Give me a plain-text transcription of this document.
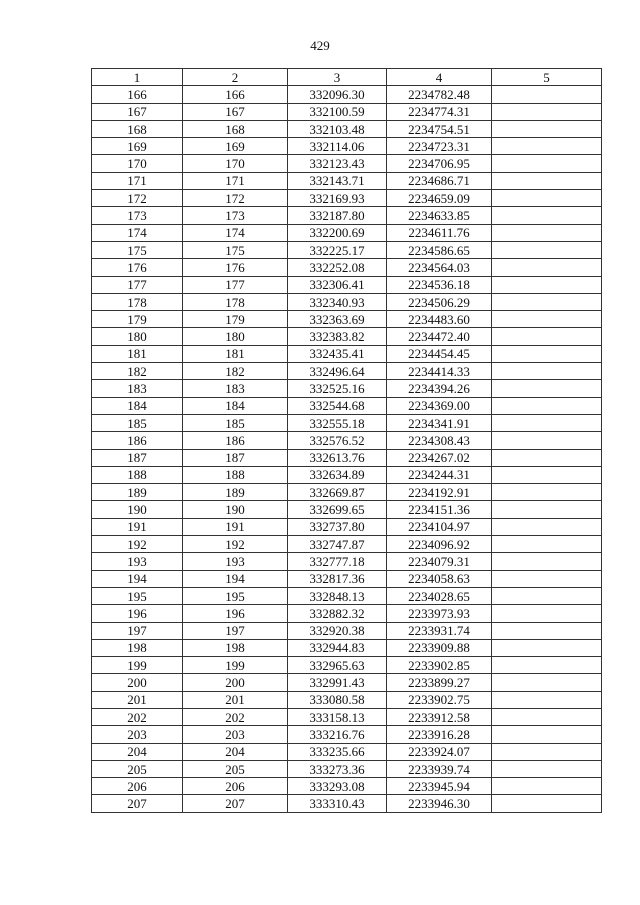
429
1	2	3	4	5
166	166	332096.30	2234782.48	
167	167	332100.59	2234774.31	
168	168	332103.48	2234754.51	
169	169	332114.06	2234723.31	
170	170	332123.43	2234706.95	
171	171	332143.71	2234686.71	
172	172	332169.93	2234659.09	
173	173	332187.80	2234633.85	
174	174	332200.69	2234611.76	
175	175	332225.17	2234586.65	
176	176	332252.08	2234564.03	
177	177	332306.41	2234536.18	
178	178	332340.93	2234506.29	
179	179	332363.69	2234483.60	
180	180	332383.82	2234472.40	
181	181	332435.41	2234454.45	
182	182	332496.64	2234414.33	
183	183	332525.16	2234394.26	
184	184	332544.68	2234369.00	
185	185	332555.18	2234341.91	
186	186	332576.52	2234308.43	
187	187	332613.76	2234267.02	
188	188	332634.89	2234244.31	
189	189	332669.87	2234192.91	
190	190	332699.65	2234151.36	
191	191	332737.80	2234104.97	
192	192	332747.87	2234096.92	
193	193	332777.18	2234079.31	
194	194	332817.36	2234058.63	
195	195	332848.13	2234028.65	
196	196	332882.32	2233973.93	
197	197	332920.38	2233931.74	
198	198	332944.83	2233909.88	
199	199	332965.63	2233902.85	
200	200	332991.43	2233899.27	
201	201	333080.58	2233902.75	
202	202	333158.13	2233912.58	
203	203	333216.76	2233916.28	
204	204	333235.66	2233924.07	
205	205	333273.36	2233939.74	
206	206	333293.08	2233945.94	
207	207	333310.43	2233946.30	
